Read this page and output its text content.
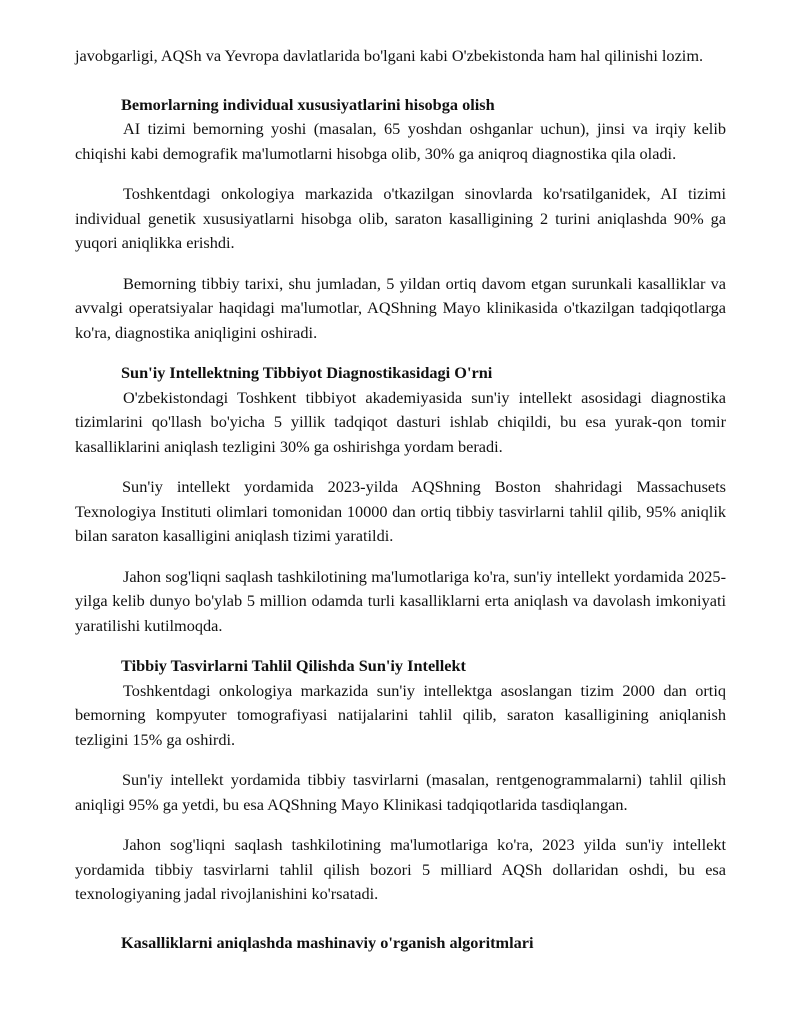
javobgarligi, AQSh va Yevropa davlatlarida bo'lgani kabi O'zbekistonda ham hal qilinishi lozim.

Bemorlarning individual xususiyatlarini hisobga olish

AI tizimi bemorning yoshi (masalan, 65 yoshdan oshganlar uchun), jinsi va irqiy kelib chiqishi kabi demografik ma'lumotlarni hisobga olib, 30% ga aniqroq diagnostika qila oladi.

Toshkentdagi onkologiya markazida o'tkazilgan sinovlarda ko'rsatilganidek, AI tizimi individual genetik xususiyatlarni hisobga olib, saraton kasalligining 2 turini aniqlashda 90% ga yuqori aniqlikka erishdi.

Bemorning tibbiy tarixi, shu jumladan, 5 yildan ortiq davom etgan surunkali kasalliklar va avvalgi operatsiyalar haqidagi ma'lumotlar, AQShning Mayo klinikasida o'tkazilgan tadqiqotlarga ko'ra, diagnostika aniqligini oshiradi.

Sun'iy Intellektning Tibbiyot Diagnostikasidagi O'rni

O'zbekistondagi Toshkent tibbiyot akademiyasida sun'iy intellekt asosidagi diagnostika tizimlarini qo'llash bo'yicha 5 yillik tadqiqot dasturi ishlab chiqildi, bu esa yurak-qon tomir kasalliklarini aniqlash tezligini 30% ga oshirishga yordam beradi.

Sun'iy intellekt yordamida 2023-yilda AQShning Boston shahridagi Massachusets Texnologiya Instituti olimlari tomonidan 10000 dan ortiq tibbiy tasvirlarni tahlil qilib, 95% aniqlik bilan saraton kasalligini aniqlash tizimi yaratildi.

Jahon sog'liqni saqlash tashkilotining ma'lumotlariga ko'ra, sun'iy intellekt yordamida 2025-yilga kelib dunyo bo'ylab 5 million odamda turli kasalliklarni erta aniqlash va davolash imkoniyati yaratilishi kutilmoqda.

Tibbiy Tasvirlarni Tahlil Qilishda Sun'iy Intellekt

Toshkentdagi onkologiya markazida sun'iy intellektga asoslangan tizim 2000 dan ortiq bemorning kompyuter tomografiyasi natijalarini tahlil qilib, saraton kasalligining aniqlanish tezligini 15% ga oshirdi.

Sun'iy intellekt yordamida tibbiy tasvirlarni (masalan, rentgenogrammalarni) tahlil qilish aniqligi 95% ga yetdi, bu esa AQShning Mayo Klinikasi tadqiqotlarida tasdiqlangan.

Jahon sog'liqni saqlash tashkilotining ma'lumotlariga ko'ra, 2023 yilda sun'iy intellekt yordamida tibbiy tasvirlarni tahlil qilish bozori 5 milliard AQSh dollaridan oshdi, bu esa texnologiyaning jadal rivojlanishini ko'rsatadi.

Kasalliklarni aniqlashda mashinaviy o'rganish algoritmlari
